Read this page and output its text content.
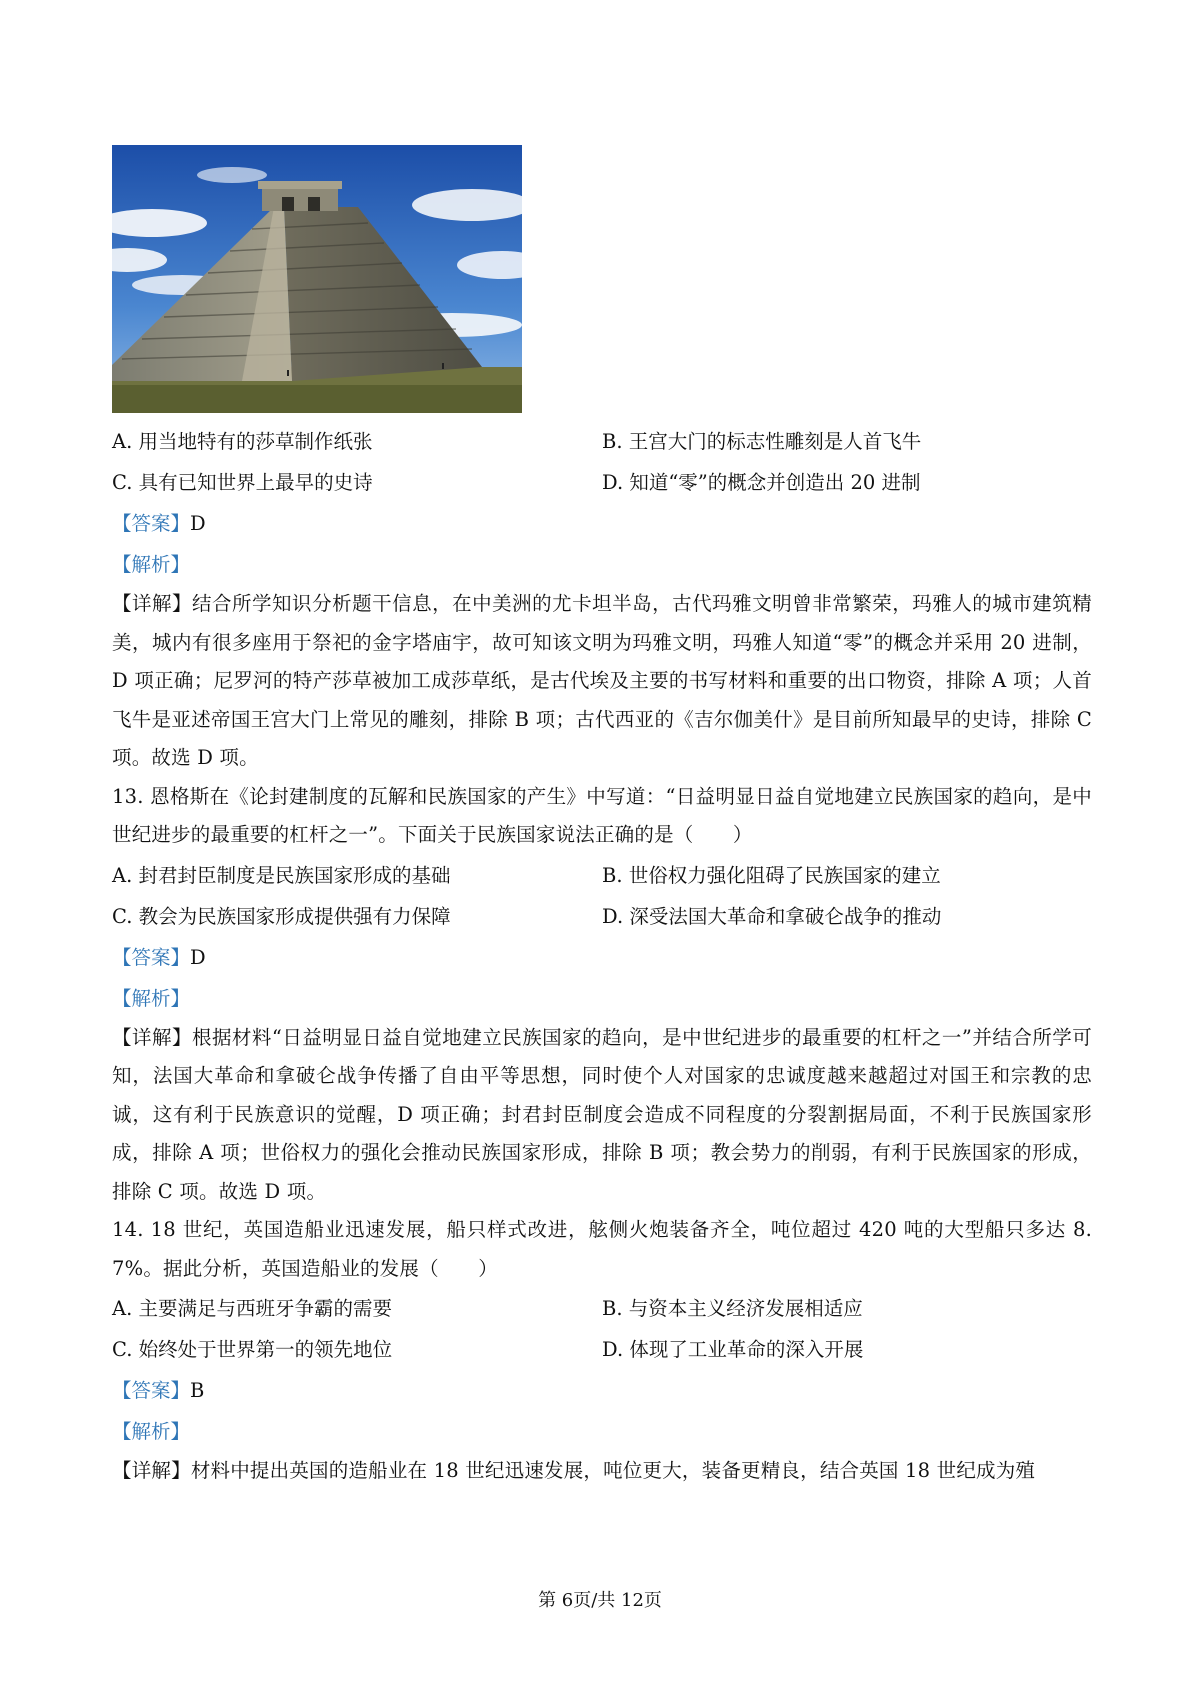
A. 用当地特有的莎草制作纸张	B. 王宫大门的标志性雕刻是人首飞牛
C. 具有已知世界上最早的史诗	D. 知道“零”的概念并创造出 20 进制
【答案】D
【解析】
【详解】结合所学知识分析题干信息，在中美洲的尤卡坦半岛，古代玛雅文明曾非常繁荣，玛雅人的城市建筑精美，城内有很多座用于祭祀的金字塔庙宇，故可知该文明为玛雅文明，玛雅人知道“零”的概念并采用 20 进制，D 项正确；尼罗河的特产莎草被加工成莎草纸，是古代埃及主要的书写材料和重要的出口物资，排除 A 项；人首飞牛是亚述帝国王宫大门上常见的雕刻，排除 B 项；古代西亚的《吉尔伽美什》是目前所知最早的史诗，排除 C 项。故选 D 项。
13. 恩格斯在《论封建制度的瓦解和民族国家的产生》中写道：“日益明显日益自觉地建立民族国家的趋向，是中世纪进步的最重要的杠杆之一”。下面关于民族国家说法正确的是（　　）
A. 封君封臣制度是民族国家形成的基础	B. 世俗权力强化阻碍了民族国家的建立
C. 教会为民族国家形成提供强有力保障	D. 深受法国大革命和拿破仑战争的推动
【答案】D
【解析】
【详解】根据材料“日益明显日益自觉地建立民族国家的趋向，是中世纪进步的最重要的杠杆之一”并结合所学可知，法国大革命和拿破仑战争传播了自由平等思想，同时使个人对国家的忠诚度越来越超过对国王和宗教的忠诚，这有利于民族意识的觉醒，D 项正确；封君封臣制度会造成不同程度的分裂割据局面，不利于民族国家形成，排除 A 项；世俗权力的强化会推动民族国家形成，排除 B 项；教会势力的削弱，有利于民族国家的形成，排除 C 项。故选 D 项。
14. 18 世纪，英国造船业迅速发展，船只样式改进，舷侧火炮装备齐全，吨位超过 420 吨的大型船只多达 8. 7%。据此分析，英国造船业的发展（　　）
A. 主要满足与西班牙争霸的需要	B. 与资本主义经济发展相适应
C. 始终处于世界第一的领先地位	D. 体现了工业革命的深入开展
【答案】B
【解析】
【详解】材料中提出英国的造船业在 18 世纪迅速发展，吨位更大，装备更精良，结合英国 18 世纪成为殖
第 6页/共 12页
